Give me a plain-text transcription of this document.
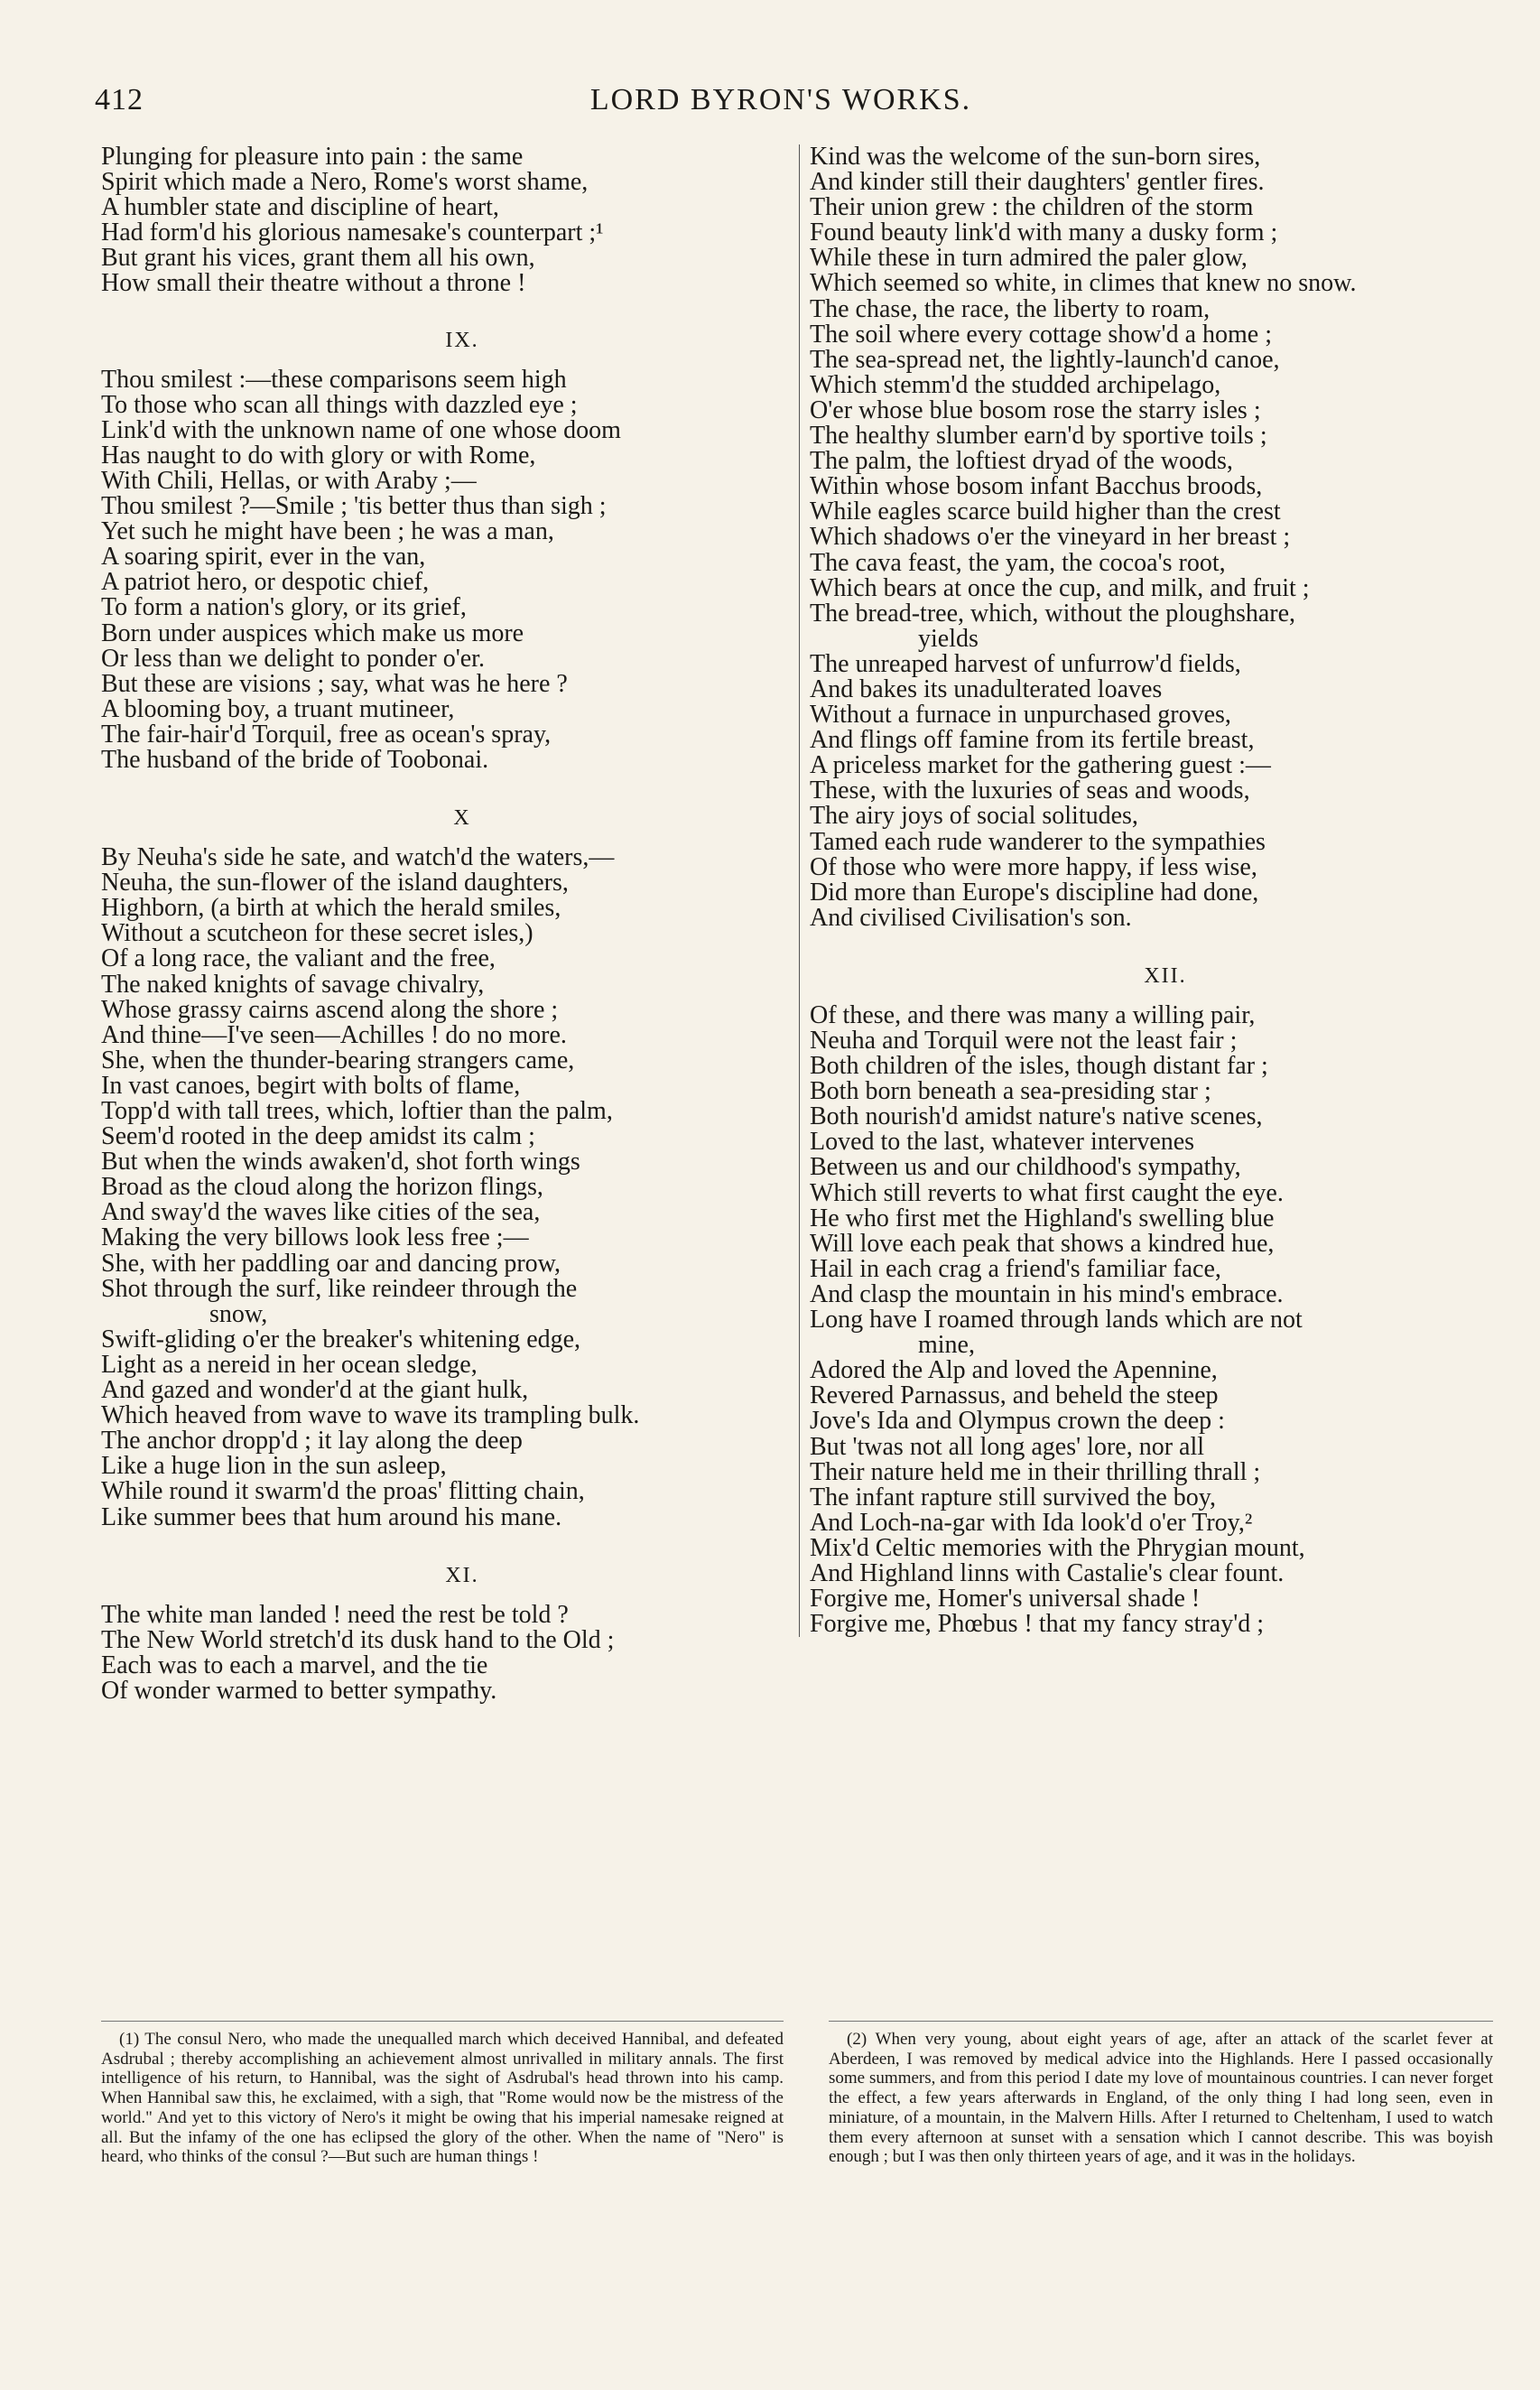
412	LORD BYRON'S WORKS.
Plunging for pleasure into pain : the same
Spirit which made a Nero, Rome's worst shame,
A humbler state and discipline of heart,
Had form'd his glorious namesake's counterpart ;¹
But grant his vices, grant them all his own,
How small their theatre without a throne !
IX.
Thou smilest :—these comparisons seem high
To those who scan all things with dazzled eye ;
Link'd with the unknown name of one whose doom
Has naught to do with glory or with Rome,
With Chili, Hellas, or with Araby ;—
Thou smilest ?—Smile ; 'tis better thus than sigh ;
Yet such he might have been ; he was a man,
A soaring spirit, ever in the van,
A patriot hero, or despotic chief,
To form a nation's glory, or its grief,
Born under auspices which make us more
Or less than we delight to ponder o'er.
But these are visions ; say, what was he here ?
A blooming boy, a truant mutineer,
The fair-hair'd Torquil, free as ocean's spray,
The husband of the bride of Toobonai.
X
By Neuha's side he sate, and watch'd the waters,—
Neuha, the sun-flower of the island daughters,
Highborn, (a birth at which the herald smiles,
Without a scutcheon for these secret isles,)
Of a long race, the valiant and the free,
The naked knights of savage chivalry,
Whose grassy cairns ascend along the shore ;
And thine—I've seen—Achilles ! do no more.
She, when the thunder-bearing strangers came,
In vast canoes, begirt with bolts of flame,
Topp'd with tall trees, which, loftier than the palm,
Seem'd rooted in the deep amidst its calm ;
But when the winds awaken'd, shot forth wings
Broad as the cloud along the horizon flings,
And sway'd the waves like cities of the sea,
Making the very billows look less free ;—
She, with her paddling oar and dancing prow,
Shot through the surf, like reindeer through the
snow,
Swift-gliding o'er the breaker's whitening edge,
Light as a nereid in her ocean sledge,
And gazed and wonder'd at the giant hulk,
Which heaved from wave to wave its trampling bulk.
The anchor dropp'd ; it lay along the deep
Like a huge lion in the sun asleep,
While round it swarm'd the proas' flitting chain,
Like summer bees that hum around his mane.
XI.
The white man landed ! need the rest be told ?
The New World stretch'd its dusk hand to the Old ;
Each was to each a marvel, and the tie
Of wonder warmed to better sympathy.
Kind was the welcome of the sun-born sires,
And kinder still their daughters' gentler fires.
Their union grew : the children of the storm
Found beauty link'd with many a dusky form ;
While these in turn admired the paler glow,
Which seemed so white, in climes that knew no snow.
The chase, the race, the liberty to roam,
The soil where every cottage show'd a home ;
The sea-spread net, the lightly-launch'd canoe,
Which stemm'd the studded archipelago,
O'er whose blue bosom rose the starry isles ;
The healthy slumber earn'd by sportive toils ;
The palm, the loftiest dryad of the woods,
Within whose bosom infant Bacchus broods,
While eagles scarce build higher than the crest
Which shadows o'er the vineyard in her breast ;
The cava feast, the yam, the cocoa's root,
Which bears at once the cup, and milk, and fruit ;
The bread-tree, which, without the ploughshare,
yields
The unreaped harvest of unfurrow'd fields,
And bakes its unadulterated loaves
Without a furnace in unpurchased groves,
And flings off famine from its fertile breast,
A priceless market for the gathering guest :—
These, with the luxuries of seas and woods,
The airy joys of social solitudes,
Tamed each rude wanderer to the sympathies
Of those who were more happy, if less wise,
Did more than Europe's discipline had done,
And civilised Civilisation's son.
XII.
Of these, and there was many a willing pair,
Neuha and Torquil were not the least fair ;
Both children of the isles, though distant far ;
Both born beneath a sea-presiding star ;
Both nourish'd amidst nature's native scenes,
Loved to the last, whatever intervenes
Between us and our childhood's sympathy,
Which still reverts to what first caught the eye.
He who first met the Highland's swelling blue
Will love each peak that shows a kindred hue,
Hail in each crag a friend's familiar face,
And clasp the mountain in his mind's embrace.
Long have I roamed through lands which are not
mine,
Adored the Alp and loved the Apennine,
Revered Parnassus, and beheld the steep
Jove's Ida and Olympus crown the deep :
But 'twas not all long ages' lore, nor all
Their nature held me in their thrilling thrall ;
The infant rapture still survived the boy,
And Loch-na-gar with Ida look'd o'er Troy,²
Mix'd Celtic memories with the Phrygian mount,
And Highland linns with Castalie's clear fount.
Forgive me, Homer's universal shade !
Forgive me, Phœbus ! that my fancy stray'd ;

(1) The consul Nero, who made the unequalled march which deceived Hannibal, and defeated Asdrubal ; thereby accomplishing an achievement almost unrivalled in military annals. The first intelligence of his return, to Hannibal, was the sight of Asdrubal's head thrown into his camp. When Hannibal saw this, he exclaimed, with a sigh, that "Rome would now be the mistress of the world." And yet to this victory of Nero's it might be owing that his imperial namesake reigned at all. But the infamy of the one has eclipsed the glory of the other. When the name of "Nero" is heard, who thinks of the consul ?—But such are human things !

(2) When very young, about eight years of age, after an attack of the scarlet fever at Aberdeen, I was removed by medical advice into the Highlands. Here I passed occasionally some summers, and from this period I date my love of mountainous countries. I can never forget the effect, a few years afterwards in England, of the only thing I had long seen, even in miniature, of a mountain, in the Malvern Hills. After I returned to Cheltenham, I used to watch them every afternoon at sunset with a sensation which I cannot describe. This was boyish enough ; but I was then only thirteen years of age, and it was in the holidays.
